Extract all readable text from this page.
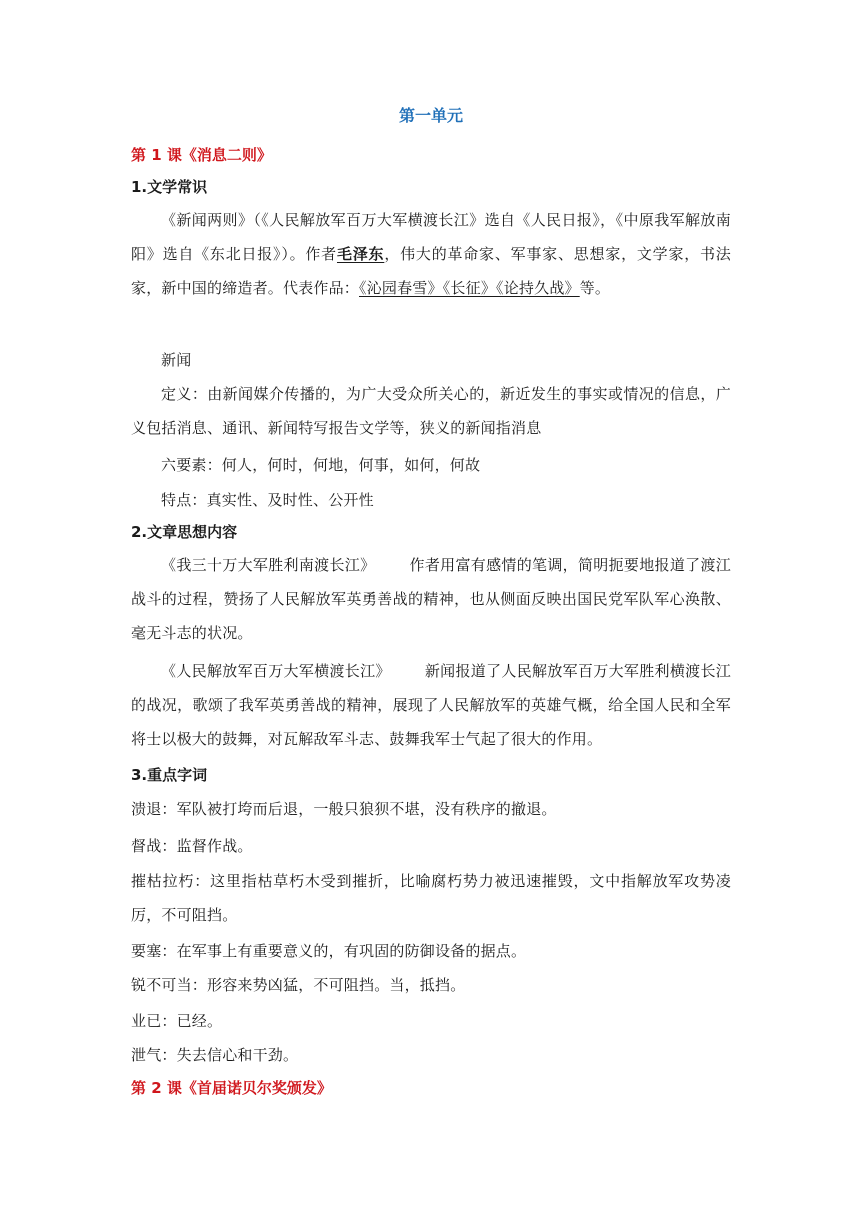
第一单元
第 1 课《消息二则》
1.文学常识
《新闻两则》（《人民解放军百万大军横渡长江》选自《人民日报》，《中原我军解放南阳》选自《东北日报》）。作者毛泽东，伟大的革命家、军事家、思想家，文学家，书法家，新中国的缔造者。代表作品：《沁园春雪》《长征》《论持久战》等。
新闻
定义：由新闻媒介传播的，为广大受众所关心的，新近发生的事实或情况的信息，广义包括消息、通讯、新闻特写报告文学等，狭义的新闻指消息
六要素：何人，何时，何地，何事，如何，何故
特点：真实性、及时性、公开性
2.文章思想内容
《我三十万大军胜利南渡长江》 作者用富有感情的笔调，简明扼要地报道了渡江战斗的过程，赞扬了人民解放军英勇善战的精神，也从侧面反映出国民党军队军心涣散、毫无斗志的状况。
《人民解放军百万大军横渡长江》 新闻报道了人民解放军百万大军胜利横渡长江的战况，歌颂了我军英勇善战的精神，展现了人民解放军的英雄气概，给全国人民和全军将士以极大的鼓舞，对瓦解敌军斗志、鼓舞我军士气起了很大的作用。
3.重点字词
溃退：军队被打垮而后退，一般只狼狈不堪，没有秩序的撤退。
督战：监督作战。
摧枯拉朽：这里指枯草朽木受到摧折，比喻腐朽势力被迅速摧毁，文中指解放军攻势凌厉，不可阻挡。
要塞：在军事上有重要意义的，有巩固的防御设备的据点。
锐不可当：形容来势凶猛，不可阻挡。当，抵挡。
业已：已经。
泄气：失去信心和干劲。
第 2 课《首届诺贝尔奖颁发》
